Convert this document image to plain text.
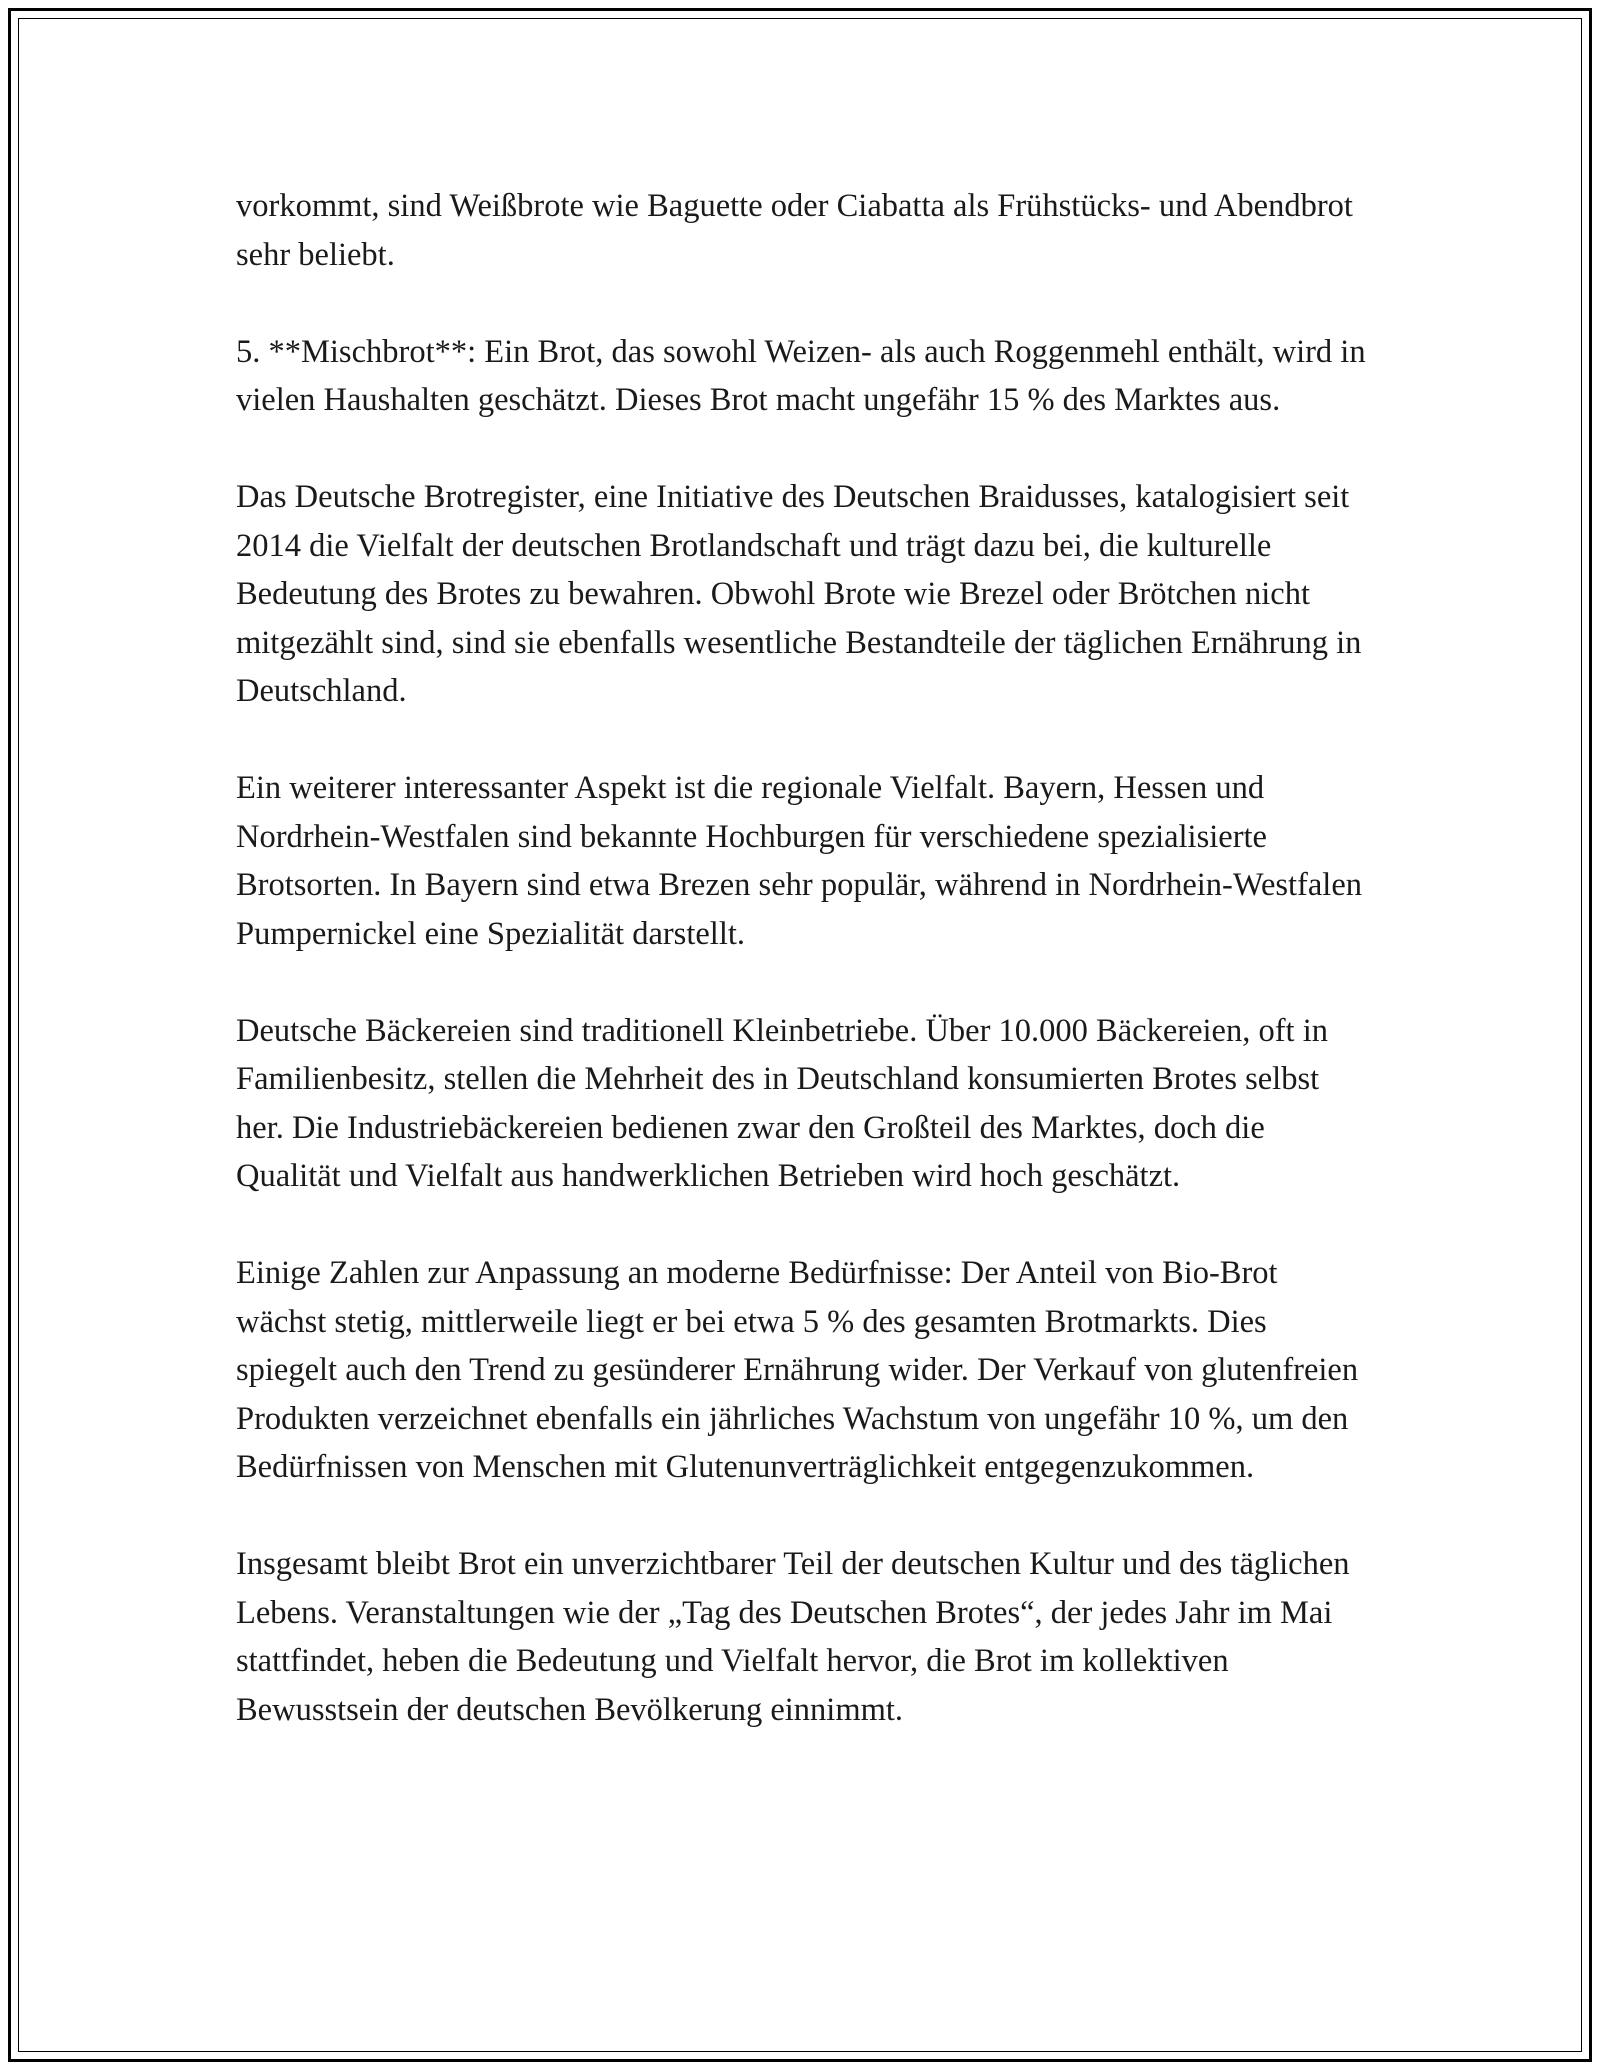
vorkommt, sind Weißbrote wie Baguette oder Ciabatta als Frühstücks- und Abendbrot sehr beliebt.

5. **Mischbrot**: Ein Brot, das sowohl Weizen- als auch Roggenmehl enthält, wird in vielen Haushalten geschätzt. Dieses Brot macht ungefähr 15 % des Marktes aus.

Das Deutsche Brotregister, eine Initiative des Deutschen Braidusses, katalogisiert seit 2014 die Vielfalt der deutschen Brotlandschaft und trägt dazu bei, die kulturelle Bedeutung des Brotes zu bewahren. Obwohl Brote wie Brezel oder Brötchen nicht mitgezählt sind, sind sie ebenfalls wesentliche Bestandteile der täglichen Ernährung in Deutschland.

Ein weiterer interessanter Aspekt ist die regionale Vielfalt. Bayern, Hessen und Nordrhein-Westfalen sind bekannte Hochburgen für verschiedene spezialisierte Brotsorten. In Bayern sind etwa Brezen sehr populär, während in Nordrhein-Westfalen Pumpernickel eine Spezialität darstellt.

Deutsche Bäckereien sind traditionell Kleinbetriebe. Über 10.000 Bäckereien, oft in Familienbesitz, stellen die Mehrheit des in Deutschland konsumierten Brotes selbst her. Die Industriebäckereien bedienen zwar den Großteil des Marktes, doch die Qualität und Vielfalt aus handwerklichen Betrieben wird hoch geschätzt.

Einige Zahlen zur Anpassung an moderne Bedürfnisse: Der Anteil von Bio-Brot wächst stetig, mittlerweile liegt er bei etwa 5 % des gesamten Brotmarkts. Dies spiegelt auch den Trend zu gesünderer Ernährung wider. Der Verkauf von glutenfreien Produkten verzeichnet ebenfalls ein jährliches Wachstum von ungefähr 10 %, um den Bedürfnissen von Menschen mit Glutenunverträglichkeit entgegenzukommen.

Insgesamt bleibt Brot ein unverzichtbarer Teil der deutschen Kultur und des täglichen Lebens. Veranstaltungen wie der „Tag des Deutschen Brotes“, der jedes Jahr im Mai stattfindet, heben die Bedeutung und Vielfalt hervor, die Brot im kollektiven Bewusstsein der deutschen Bevölkerung einnimmt.
